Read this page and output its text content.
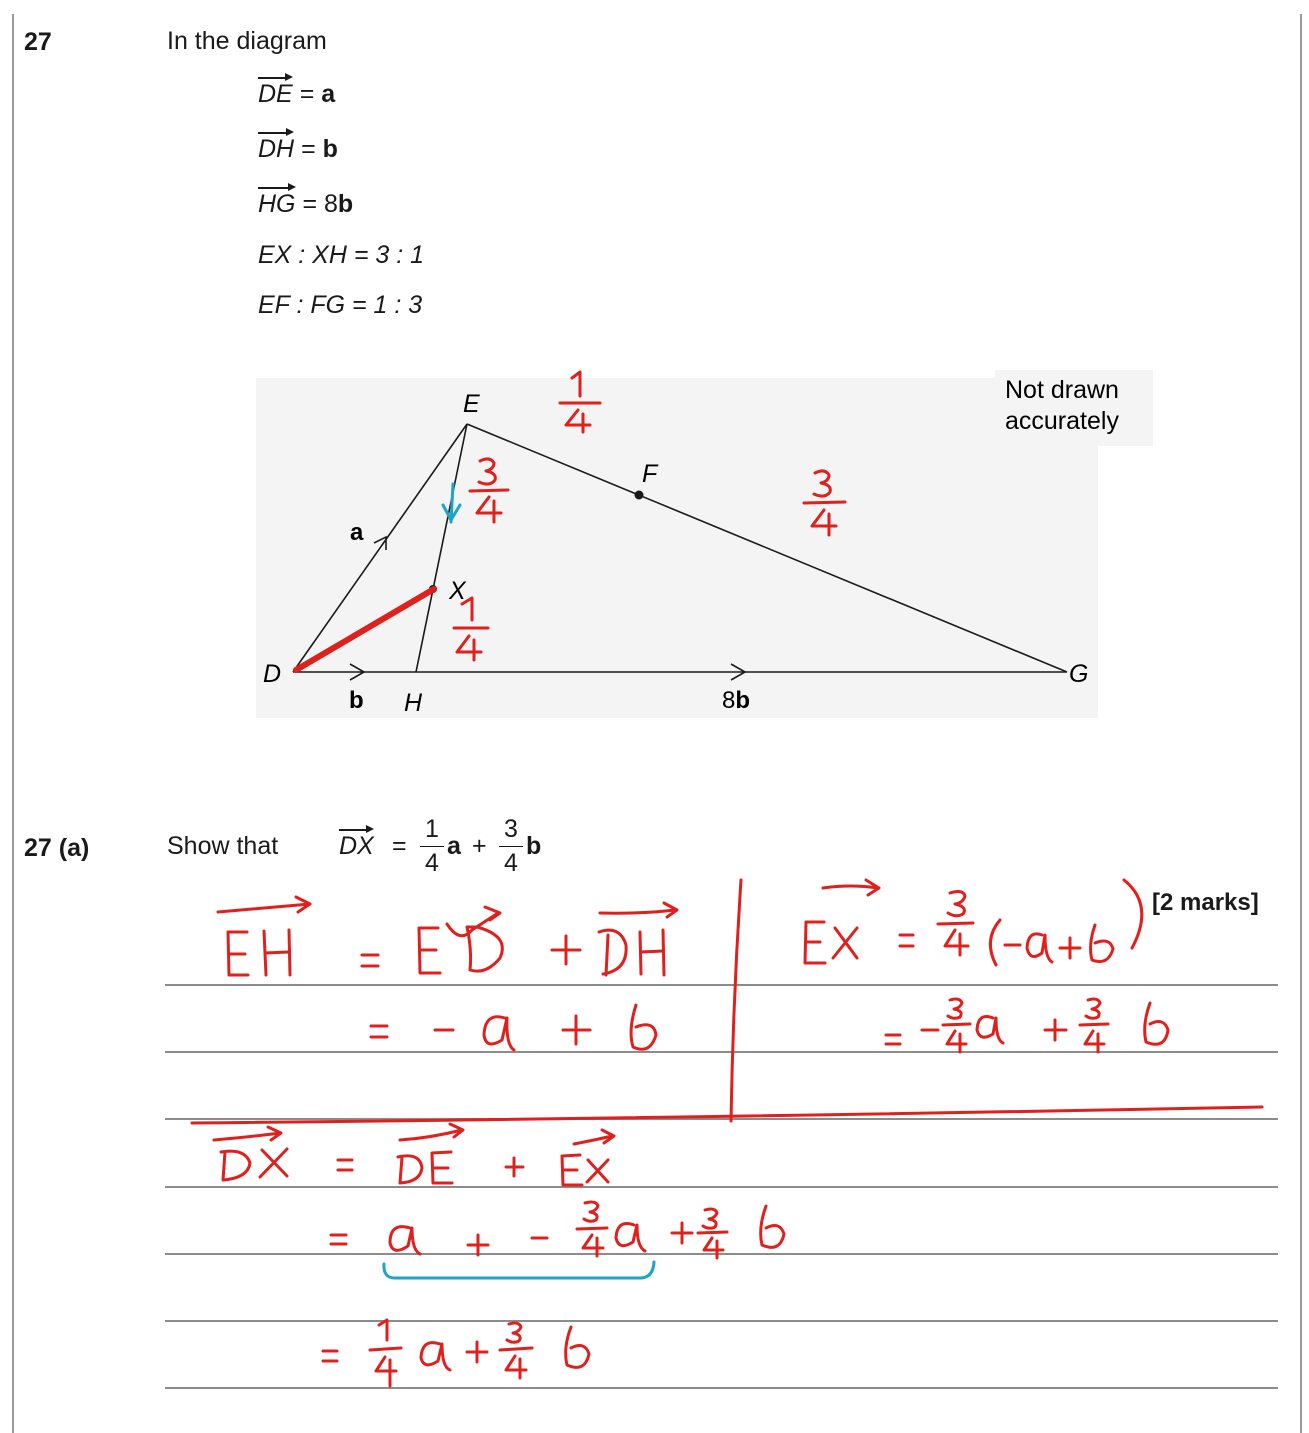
27	In the diagram
DE = a
DH = b
HG = 8b
EX : XH = 3 : 1
EF : FG = 1 : 3
E
F
X
D
H
G
a
b	8b
Not drawn
accurately
27 (a)	Show that DX =
1
4
a +
3
4
b
[2 marks]
